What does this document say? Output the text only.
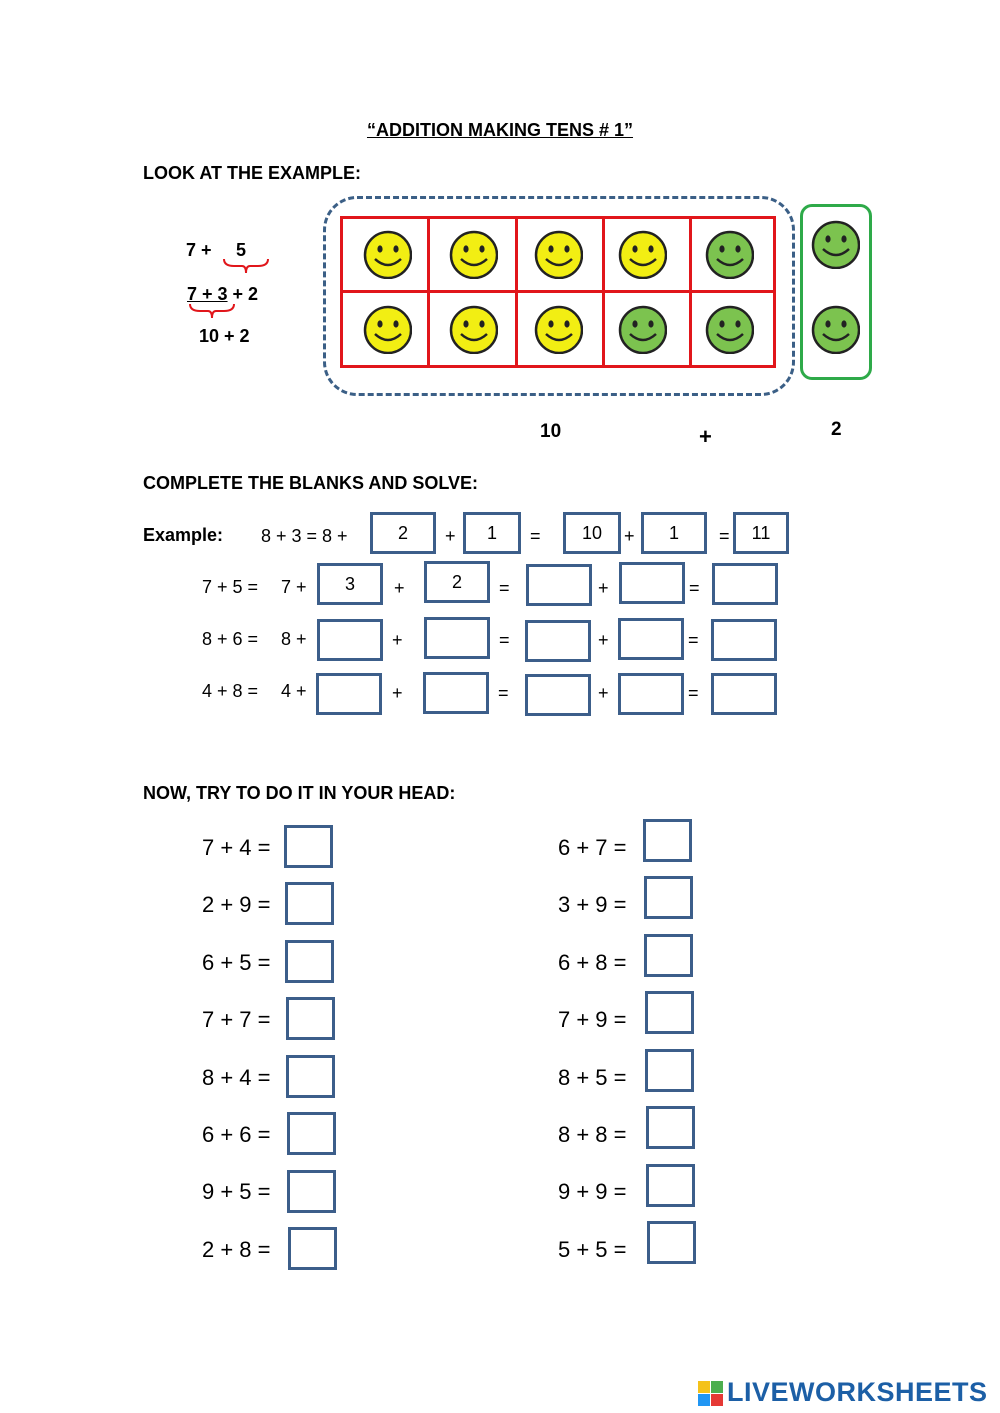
“ADDITION MAKING TENS # 1”
LOOK AT THE EXAMPLE:
7 + 5
7 + 3 + 2
10 + 2
10	+	2
COMPLETE THE BLANKS AND SOLVE:
Example: 8 + 3 = 8 +	2	+	1	=	10	+	1	=	11
7 + 5 = 7 +	3	+	2	=	+	=
8 + 6 = 8 +	+	=	+	=
4 + 8 = 4 +	+	=	+	=
NOW, TRY TO DO IT IN YOUR HEAD:
7 + 4 =
2 + 9 =
6 + 5 =
7 + 7 =
8 + 4 =
6 + 6 =
9 + 5 =
2 + 8 =
6 + 7 =
3 + 9 =
6 + 8 =
7 + 9 =
8 + 5 =
8 + 8 =
9 + 9 =
5 + 5 =
LIVEWORKSHEETS
